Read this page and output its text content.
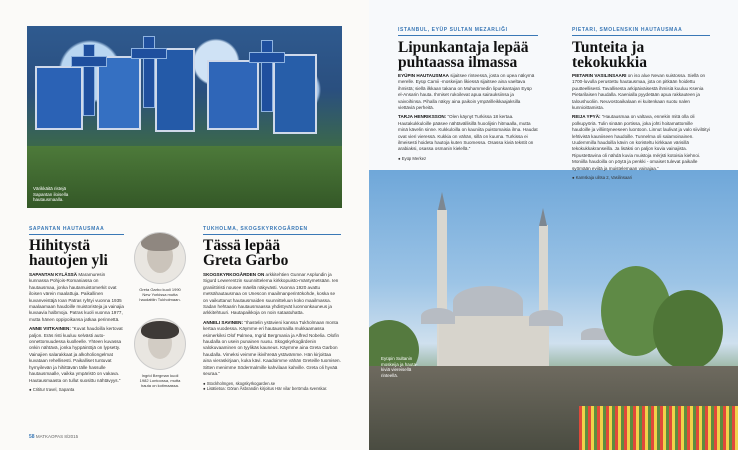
Värikkäitä ristejä
Sapantan iloisella
hautausmaalla.
SAPANTAN HAUTAUSMAA
Hihitystä
hautojen yli

SAPANTAN KYLÄSSÄ Maramuresin kunnassa Pohjois-Romaniassa on hautausmaa, jonka hautamuistomerkit ovat iloisen värein maalattuja. Paikallinen kuvanveistäjä Ioan Patras ryhtyi vuonna 1935 maalaamaan haudoille muistoristeja ja vainajia kuvaavia halbmoja. Patras kuoli vuonna 1977, mutta hänen oppipoikansa jatkaa perinnettä.

ANNE VIITKAINEN: ”Kuvat haudoilla kertovat paljon. Eräs risti kuuluu selvästi auto-onnettomuudessa kuolleelle. Yhteen kuvassa onkin nähtävä, jonka hyppäintöjä on lypsetty. Vainajien salarakkaat ja alkoholiongelmat kuvataan rehellisesti. Paikalliset tuntuvat hymyilevän ja hihittävän tälle hassulle hautausmaalle, vaikka ympäristö on vakava. Hautausmaasta on tullut suosittu nähtävyys.”

● Crititur travel, Sapanta
Greta Garbo kuoli 1990
New Yorkissa mutta
haudattiin Tukholmaan.
Ingrid Bergman kuoli
1982 Lontoossa, mutta
hauta on kotimaassa.
TUKHOLMA, SKOGSKYRKOGÅRDEN
Tässä lepää
Greta Garbo

SKOGSKYRKOGÅRDEN ON arkkitehtien Gunnar Asplundin ja Sigurd Lewerentzin suunnittelema kirkkopuisto-mäntymetsään. Ien graniittiristi nousee mäellä näkyvästi. Vuonna 1920 avattu metsähautausmaa on Unescon maailmanperintökohde, koska se on vaikuttanut hautausmaiden suunnitteluun koko maailmassa. Sadan hehtaarin hautausmaassa yhdistyvät luonnonkauneus ja arkkitehtuuri. Hautapaikkoja on noin sataatuhatta.

ANNELI SAVINEN: ”Ihastelin ystävieni kanssa Tukholmaan monta kertaa vuodessa. Käymme eri hautausmailla mukkaamassa esimerkiksi Olof Palmea, Ingrid Bergmania ja Alfred Nobelia. Olofin haudalla on usein punainen ruusu. Skogskyrkogårdenin valokuvaaminen on tyylikäs kauneus. Käymme aina Greta Garbon haudalla. Vimeksi veimme ikivihreää ystävämme. Hän kirjoittaa aina vieraskirjaan, kuka kävi. Kaadoimme vähän Greteille tuomisen. Sitten menimme Södermalmille kahvilaan kahville. Greta oli hyvää seuraa.”

● Stockholmgen, skogskyrkogarden.se
● Lisätietoa: Göran Åsbrandin kirjoitus Här vilar berömda svenskar.
58 MATKAOPAS 8/2015
Eyüpin Sultanin
moskeija ja hauta-
kiviä viereisellä
rinteellä.
ISTANBUL, EYÜP SULTAN MEZARLIĞI
Lipunkantaja lepää
puhtaassa ilmassa

EYÜPIN HAUTAUSMAA sijaitsee rinteessä, josta on upea näkymä merelle. Eyüp Camii -moskeijan likiessä sijaitsee aina vaeltava ihmistä; siellä ilkkaan takana on Muhammedin lipunkantajan Eyüp el-Ansarin hauta. Ihmiset rukoilevat apua sairauksiinsa ja vaivoihinsa. Pihalla näkyy aina paikoin ympärilleikkaajaksilla viettäviä perheitä.

TARJA HENRIKSSON: ”Olen käynyt Turkissa 18 kertaa. Hautakukkuloille pääsee nähtävällisillä huoolijsin hitmaalla, mutta minä kävelin sinne. Kukkuloilla on kauniita puistomaisia ilma. Haudat ovat vieri vieressä. Kukkia on vähän, sillä on kuuma. Turkissa ei ilmeisesti hoideta hautoja kuten Suomessa. Osassa kiviä tekstit on arabiaksi, osassa osmanin kielellä.”

● Eyüp Merkez
PIETARI, SMOLENSKIN HAUTAUSMAA
Tunteita ja
tekokukkia

PIETARIN VASILINSAARI on iso alue Nevan suistossa. Siellä on 1700-luvulla perustettu hautausmaa, jota on pitkään hoidettu puutteellisesti. Tavallisesta arkipäiväisestä ihmisiä kuuluu Ksenia Pietarilaisen haudalla. Kaenialla pyydetään apua rakkauteen ja taloushuoliin. Neuvostoaikalaan ei kuitenkaan suotu nalen kunnioittamista.

REIJA YPYÄ: ”Hautausmaa on valtava, ennekin mitä olla oli polkupyöriä. Tulin sinään portissa, joka johti hoitamattomille haudoille ja villiintyneeseen luontoon. Linnut laulivat ja valo siivilöityi lehtivistä kauniiseen haudoille. Tunnelma oli salamoinainen. Uudemmilla haudoilla kävin on koristeltu kirkkaan värisillä tekokukkakranseilla. Ja lisäksi on paljon kuvia vainajista. Ripustettavina oli nähdä kuvia muistoja mérjsti kotoisia kiehnoi. Moniilla haudoilla on pöytä ja penkki - omaiset tulevat paikalle syömään eviitä ja muistelemaan vainajaa.”

● Kamskaja ulitsa 2, Vasilinsaari
